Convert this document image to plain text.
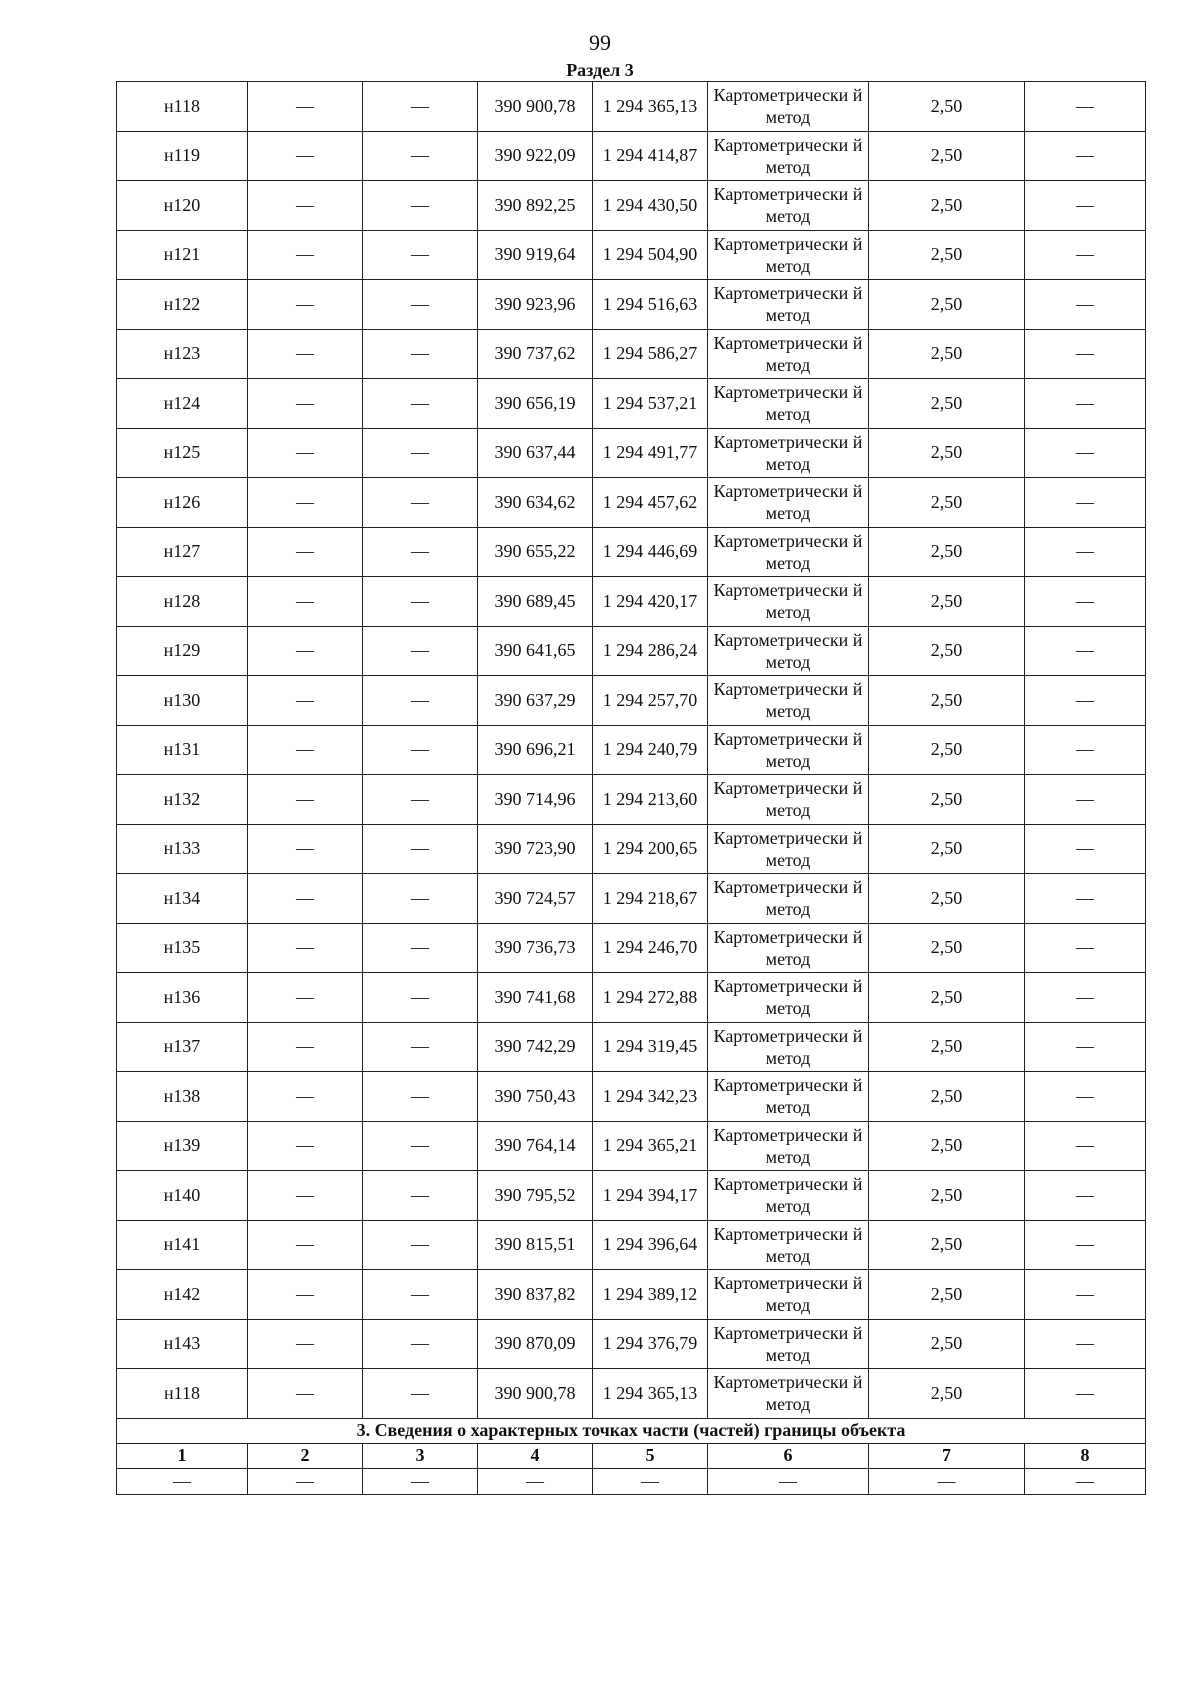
99
Раздел 3
н118	—	—	390 900,78	1 294 365,13	Картометрически й метод	2,50	—
н119	—	—	390 922,09	1 294 414,87	Картометрически й метод	2,50	—
н120	—	—	390 892,25	1 294 430,50	Картометрически й метод	2,50	—
н121	—	—	390 919,64	1 294 504,90	Картометрически й метод	2,50	—
н122	—	—	390 923,96	1 294 516,63	Картометрически й метод	2,50	—
н123	—	—	390 737,62	1 294 586,27	Картометрически й метод	2,50	—
н124	—	—	390 656,19	1 294 537,21	Картометрически й метод	2,50	—
н125	—	—	390 637,44	1 294 491,77	Картометрически й метод	2,50	—
н126	—	—	390 634,62	1 294 457,62	Картометрически й метод	2,50	—
н127	—	—	390 655,22	1 294 446,69	Картометрически й метод	2,50	—
н128	—	—	390 689,45	1 294 420,17	Картометрически й метод	2,50	—
н129	—	—	390 641,65	1 294 286,24	Картометрически й метод	2,50	—
н130	—	—	390 637,29	1 294 257,70	Картометрически й метод	2,50	—
н131	—	—	390 696,21	1 294 240,79	Картометрически й метод	2,50	—
н132	—	—	390 714,96	1 294 213,60	Картометрически й метод	2,50	—
н133	—	—	390 723,90	1 294 200,65	Картометрически й метод	2,50	—
н134	—	—	390 724,57	1 294 218,67	Картометрически й метод	2,50	—
н135	—	—	390 736,73	1 294 246,70	Картометрически й метод	2,50	—
н136	—	—	390 741,68	1 294 272,88	Картометрически й метод	2,50	—
н137	—	—	390 742,29	1 294 319,45	Картометрически й метод	2,50	—
н138	—	—	390 750,43	1 294 342,23	Картометрически й метод	2,50	—
н139	—	—	390 764,14	1 294 365,21	Картометрически й метод	2,50	—
н140	—	—	390 795,52	1 294 394,17	Картометрически й метод	2,50	—
н141	—	—	390 815,51	1 294 396,64	Картометрически й метод	2,50	—
н142	—	—	390 837,82	1 294 389,12	Картометрически й метод	2,50	—
н143	—	—	390 870,09	1 294 376,79	Картометрически й метод	2,50	—
н118	—	—	390 900,78	1 294 365,13	Картометрически й метод	2,50	—
3. Сведения о характерных точках части (частей) границы объекта							
1	2	3	4	5	6	7	8
—	—	—	—	—	—	—	—
